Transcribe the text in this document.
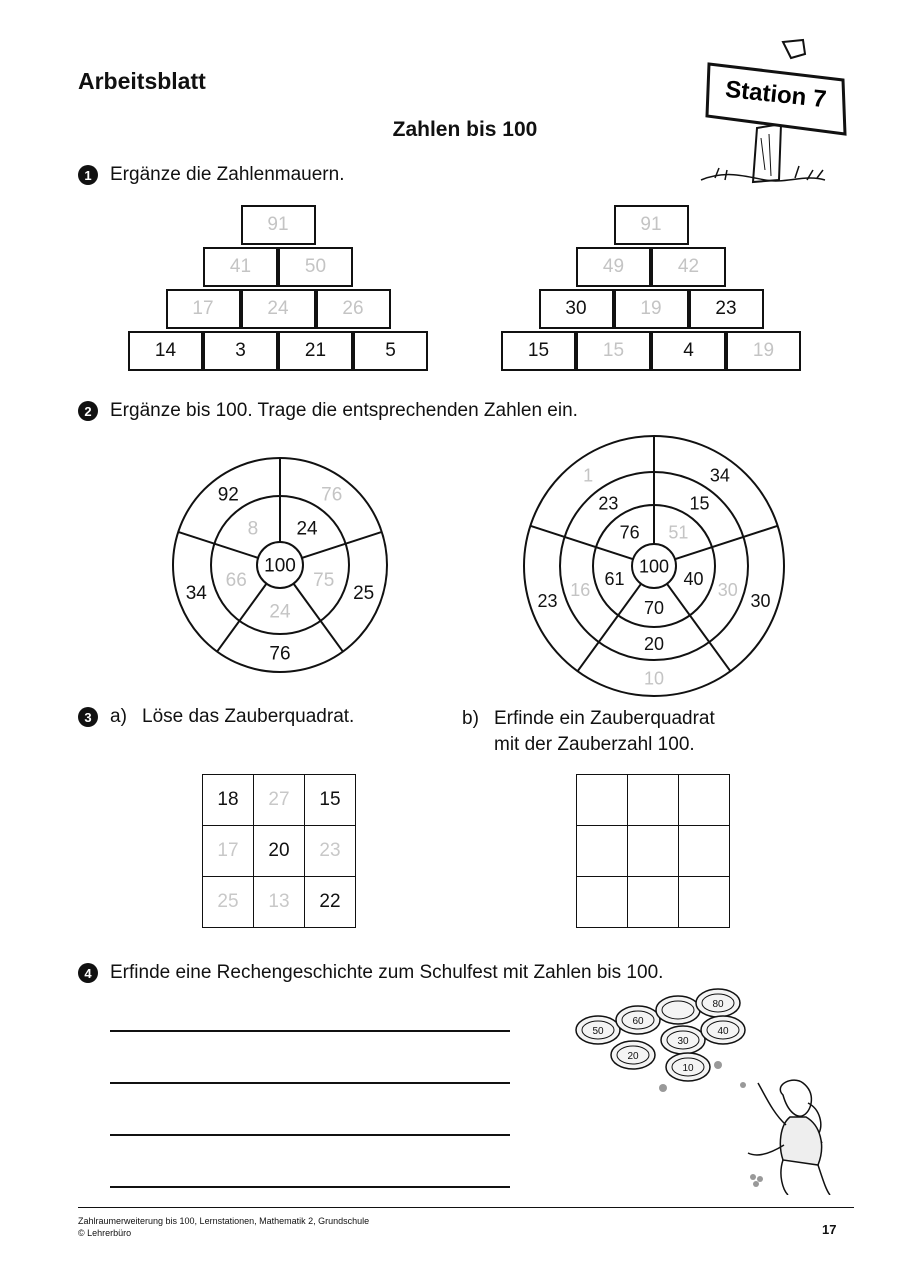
Arbeitsblatt
Zahlen bis 100
Station 7
1 Ergänze die Zahlenmauern.
91
41	50
17	24	26
14	3	21	5
91
49	42
30	19	23
15	15	4	19
2 Ergänze bis 100. Trage die entsprechenden Zahlen ein.
100
24
75
24
66
8
76
25
76
34
92
100
51
40
70
61
76
15
30
20
16
23
34
30
10
23
1
3 a) Löse das Zauberquadrat.	b) Erfinde ein Zauberquadrat
mit der Zauberzahl 100.
18	27	15
17	20	23
25	13	22

4 Erfinde eine Rechengeschichte zum Schulfest mit Zahlen bis 100.
50
60
80
20
30
40
10
Zahlraumerweiterung bis 100, Lernstationen, Mathematik 2, Grundschule
© Lehrerbüro	17
